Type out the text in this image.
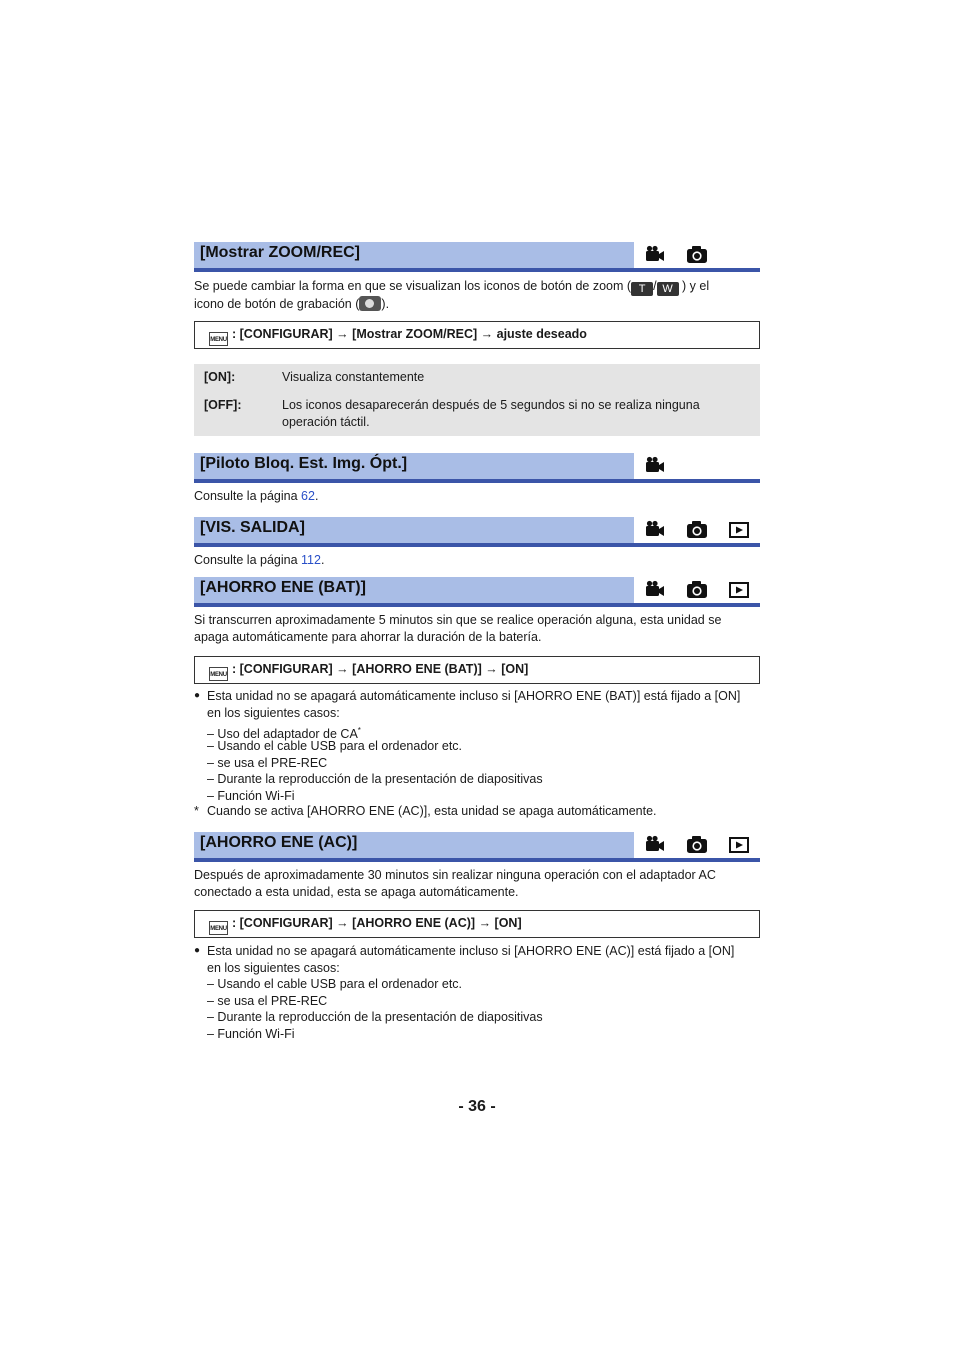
[Mostrar ZOOM/REC]
Se puede cambiar la forma en que se visualizan los iconos de botón de zoom ( T / W ) y el
icono de botón de grabación ( ).
MENU : [CONFIGURAR] → [Mostrar ZOOM/REC] → ajuste deseado
[ON]:	Visualiza constantemente
[OFF]:	Los iconos desaparecerán después de 5 segundos si no se realiza ninguna operación táctil.
[Piloto Bloq. Est. Img. Ópt.]
Consulte la página 62.
[VIS. SALIDA]
Consulte la página 112.
[AHORRO ENE (BAT)]
Si transcurren aproximadamente 5 minutos sin que se realice operación alguna, esta unidad se
apaga automáticamente para ahorrar la duración de la batería.
MENU : [CONFIGURAR] → [AHORRO ENE (BAT)] → [ON]
● Esta unidad no se apagará automáticamente incluso si [AHORRO ENE (BAT)] está fijado a [ON]
en los siguientes casos:
– Uso del adaptador de CA*
– Usando el cable USB para el ordenador etc.
– se usa el PRE-REC
– Durante la reproducción de la presentación de diapositivas
– Función Wi-Fi
* Cuando se activa [AHORRO ENE (AC)], esta unidad se apaga automáticamente.
[AHORRO ENE (AC)]
Después de aproximadamente 30 minutos sin realizar ninguna operación con el adaptador AC
conectado a esta unidad, esta se apaga automáticamente.
MENU : [CONFIGURAR] → [AHORRO ENE (AC)] → [ON]
● Esta unidad no se apagará automáticamente incluso si [AHORRO ENE (AC)] está fijado a [ON]
en los siguientes casos:
– Usando el cable USB para el ordenador etc.
– se usa el PRE-REC
– Durante la reproducción de la presentación de diapositivas
– Función Wi-Fi
- 36 -
